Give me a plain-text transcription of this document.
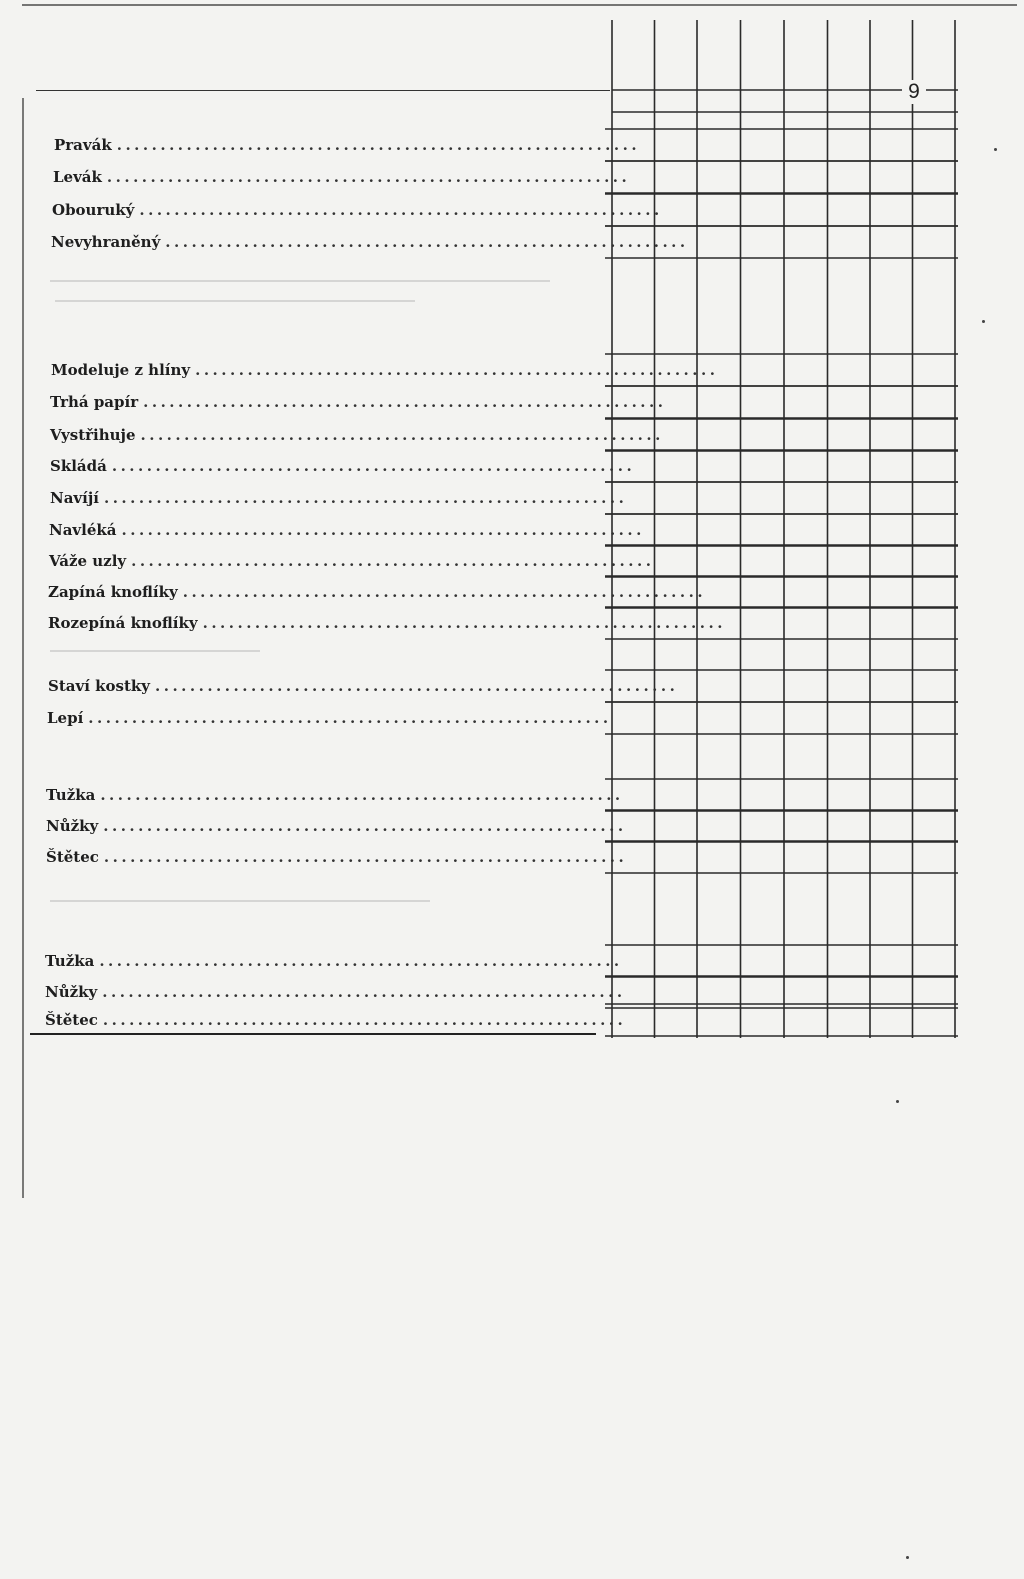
Pravák ............................................................
Levák ............................................................
Obouruký ............................................................
Nevyhraněný ............................................................
Modeluje z hlíny ............................................................
Trhá papír ............................................................
Vystřihuje ............................................................
Skládá ............................................................
Navíjí ............................................................
Navléká ............................................................
Váže uzly ............................................................
Zapíná knoflíky ............................................................
Rozepíná knoflíky ............................................................
Staví kostky ............................................................
Lepí ............................................................
Tužka ............................................................
Nůžky ............................................................
Štětec ............................................................
Tužka ............................................................
Nůžky ............................................................
Štětec ............................................................
9
